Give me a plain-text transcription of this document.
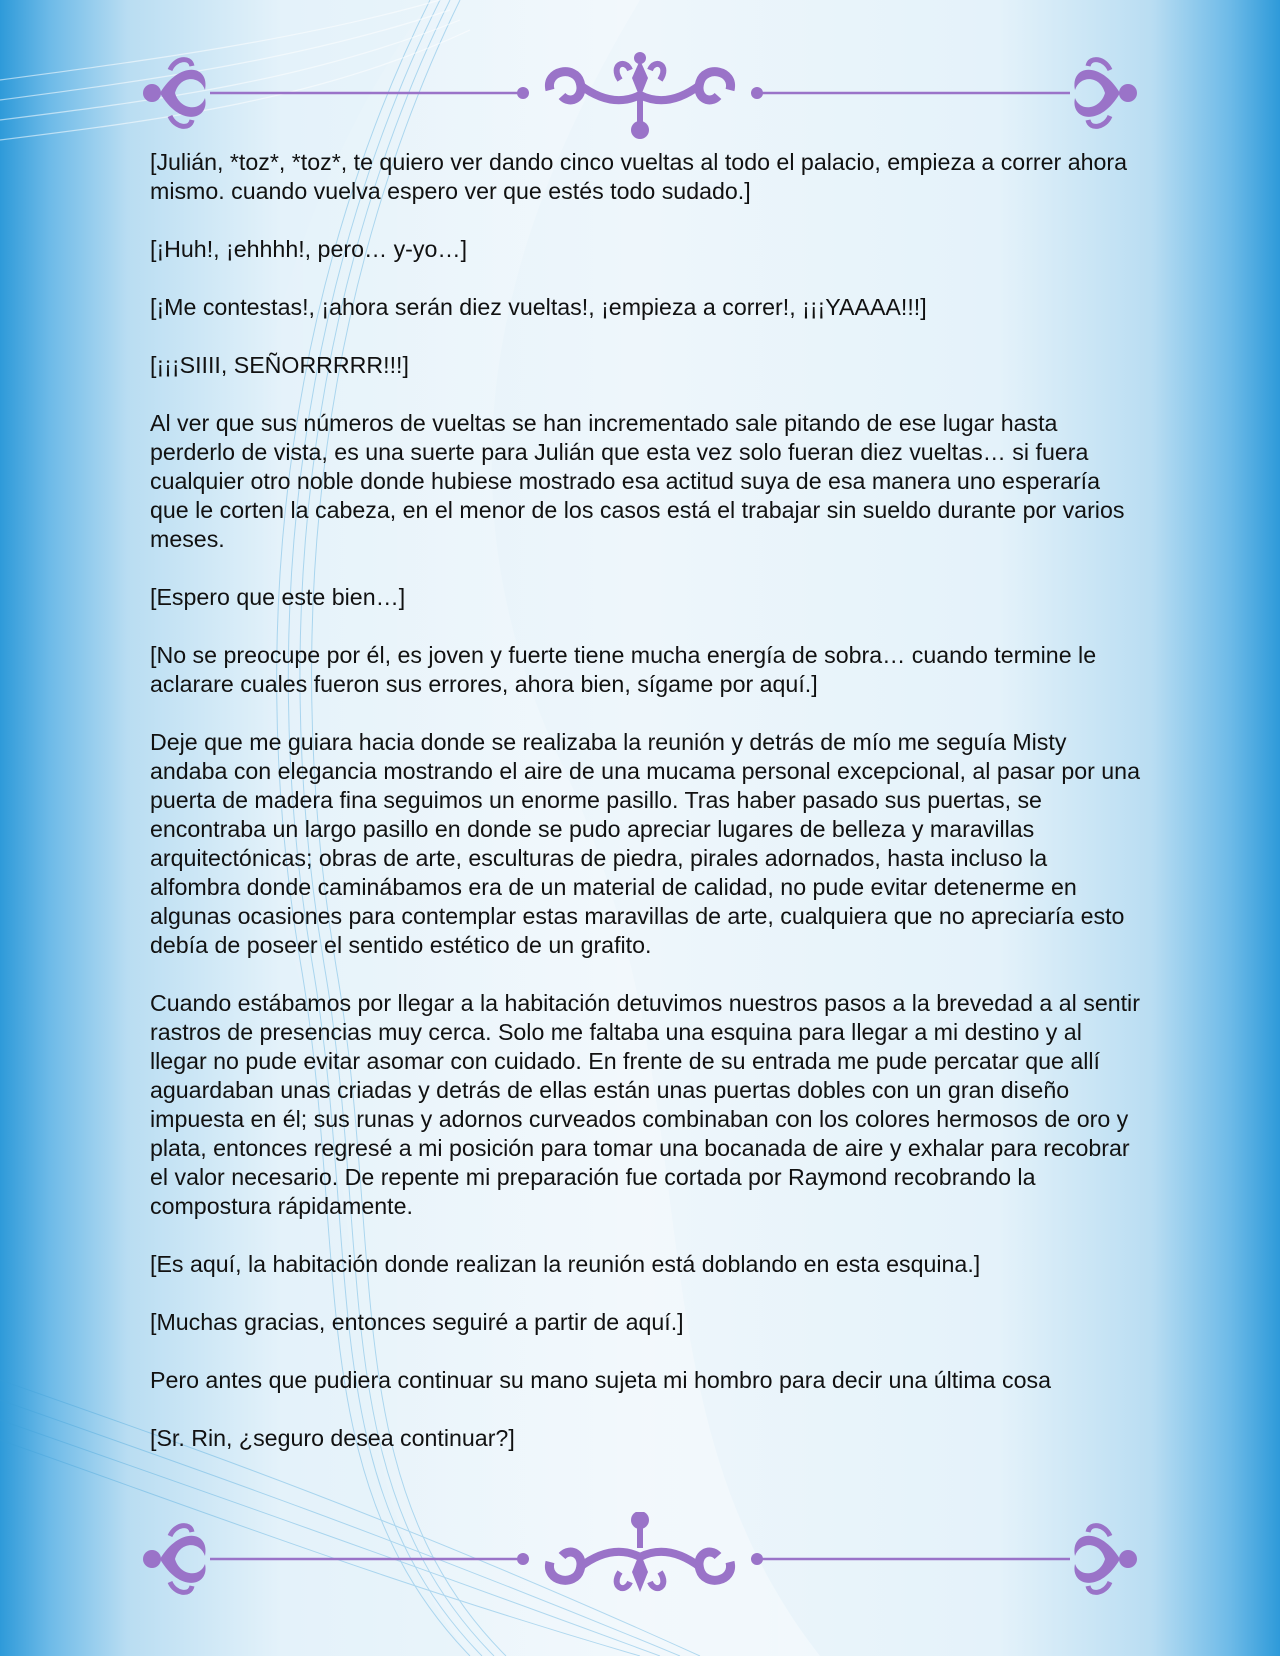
[Julián, *toz*, *toz*, te quiero ver dando cinco vueltas al todo el palacio, empieza a correr ahora mismo. cuando vuelva espero ver que estés todo sudado.]

[¡Huh!, ¡ehhhh!, pero… y-yo…]

[¡Me contestas!, ¡ahora serán diez vueltas!, ¡empieza a correr!, ¡¡¡YAAAA!!!]

[¡¡¡SIIII, SEÑORRRRR!!!]

Al ver que sus números de vueltas se han incrementado sale pitando de ese lugar hasta perderlo de vista, es una suerte para Julián que esta vez solo fueran diez vueltas… si fuera cualquier otro noble donde hubiese mostrado esa actitud suya de esa manera uno esperaría que le corten la cabeza, en el menor de los casos está el trabajar sin sueldo durante por varios meses.

[Espero que este bien…]

[No se preocupe por él, es joven y fuerte tiene mucha energía de sobra… cuando termine le aclarare cuales fueron sus errores, ahora bien, sígame por aquí.]

Deje que me guiara hacia donde se realizaba la reunión y detrás de mío me seguía Misty andaba con elegancia mostrando el aire de una mucama personal excepcional, al pasar por una puerta de madera fina seguimos un enorme pasillo. Tras haber pasado sus puertas, se encontraba un largo pasillo en donde se pudo apreciar lugares de belleza y maravillas arquitectónicas; obras de arte, esculturas de piedra, pirales adornados, hasta incluso la alfombra donde caminábamos era de un material de calidad, no pude evitar detenerme en algunas ocasiones para contemplar estas maravillas de arte, cualquiera que no apreciaría esto debía de poseer el sentido estético de un grafito.

Cuando estábamos por llegar a la habitación detuvimos nuestros pasos a la brevedad a al sentir rastros de presencias muy cerca. Solo me faltaba una esquina para llegar a mi destino y al llegar no pude evitar asomar con cuidado. En frente de su entrada me pude percatar que allí aguardaban unas criadas y detrás de ellas están unas puertas dobles con un gran diseño impuesta en él; sus runas y adornos curveados combinaban con los colores hermosos de oro y plata, entonces regresé a mi posición para tomar una bocanada de aire y exhalar para recobrar el valor necesario. De repente mi preparación fue cortada por Raymond recobrando la compostura rápidamente.

[Es aquí, la habitación donde realizan la reunión está doblando en esta esquina.]

[Muchas gracias, entonces seguiré a partir de aquí.]

Pero antes que pudiera continuar su mano sujeta mi hombro para decir una última cosa

[Sr. Rin, ¿seguro desea continuar?]
